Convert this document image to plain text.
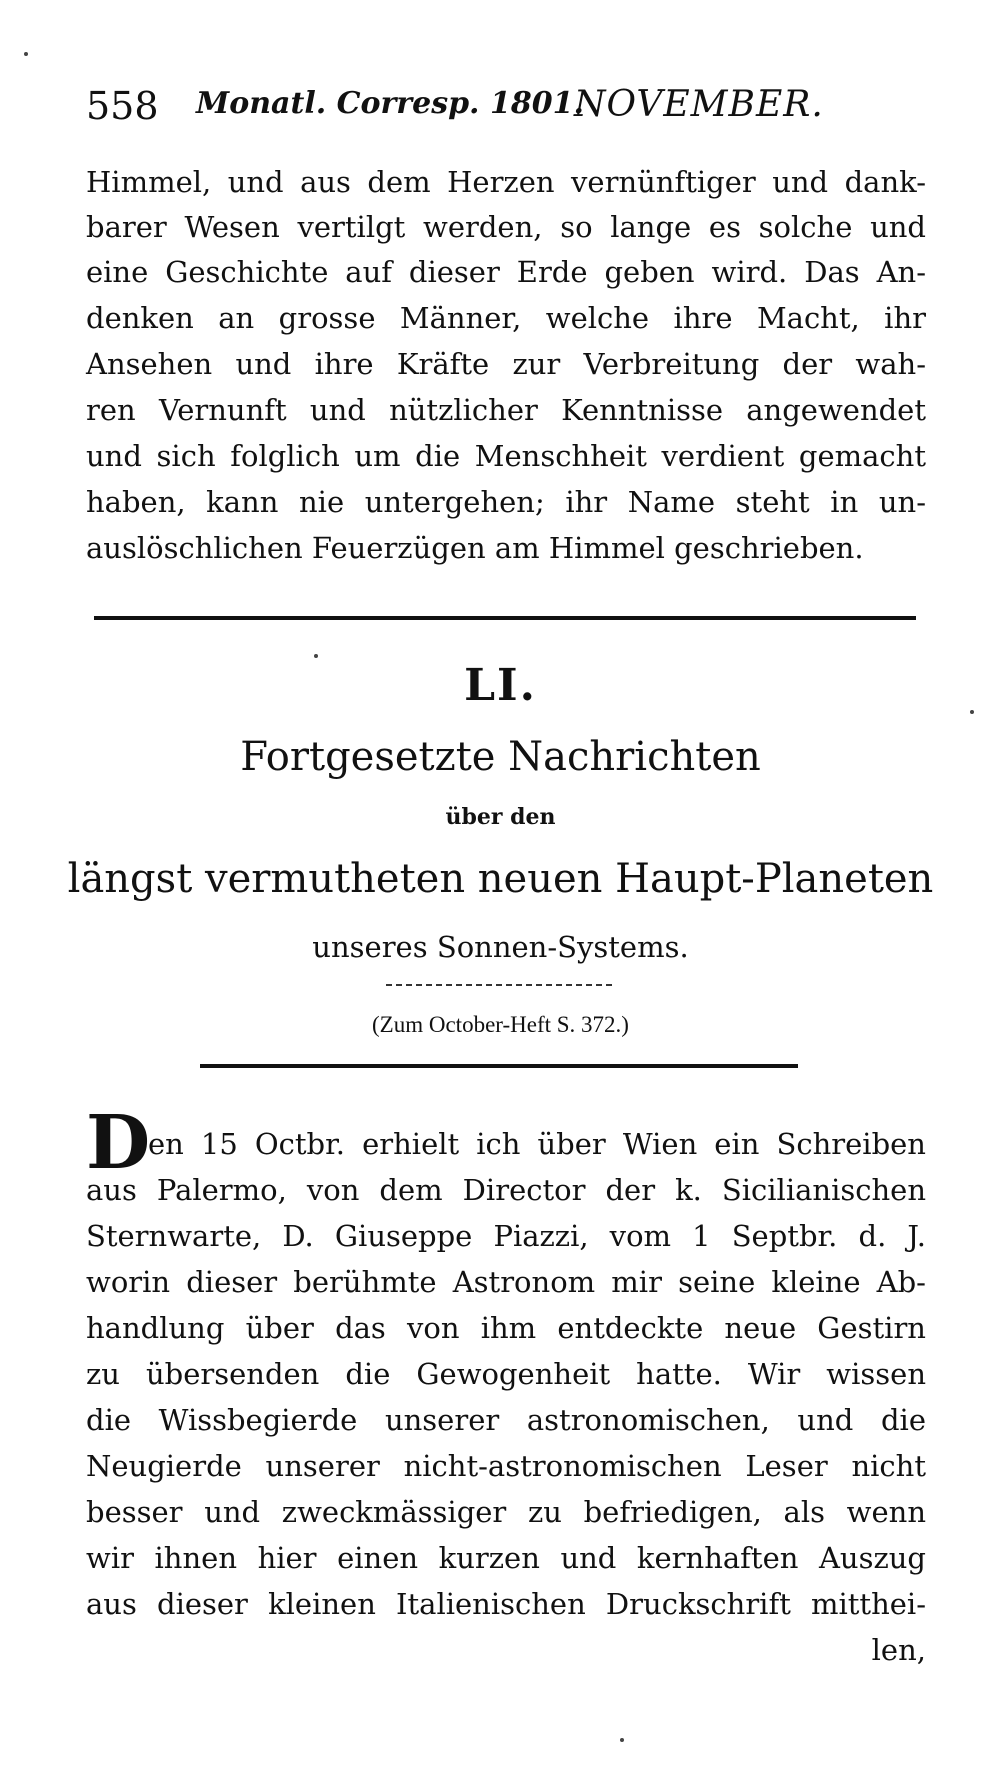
558 Monatl. Corresp. 1801.
NOVEMBER.
Himmel, und aus dem Herzen vernünftiger und dank-
barer Wesen vertilgt werden, so lange es solche und
eine Geschichte auf dieser Erde geben wird. Das An-
denken an grosse Männer, welche ihre Macht, ihr
Ansehen und ihre Kräfte zur Verbreitung der wah-
ren Vernunft und nützlicher Kenntnisse angewendet
und sich folglich um die Menschheit verdient gemacht
haben, kann nie untergehen; ihr Name steht in un-
auslöschlichen Feuerzügen am Himmel geschrieben.
LI.
Fortgesetzte Nachrichten
über den
längst vermutheten neuen Haupt-Planeten
unseres Sonnen-Systems.
(Zum October-Heft S. 372.)
D
en 15 Octbr. erhielt ich über Wien ein Schreiben
aus Palermo, von dem Director der k. Sicilianischen
Sternwarte, D. Giuseppe Piazzi, vom 1 Septbr. d. J.
worin dieser berühmte Astronom mir seine kleine Ab-
handlung über das von ihm entdeckte neue Gestirn
zu übersenden die Gewogenheit hatte. Wir wissen
die Wissbegierde unserer astronomischen, und die
Neugierde unserer nicht-astronomischen Leser nicht
besser und zweckmässiger zu befriedigen, als wenn
wir ihnen hier einen kurzen und kernhaften Auszug
aus dieser kleinen Italienischen Druckschrift mitthei-
len,
